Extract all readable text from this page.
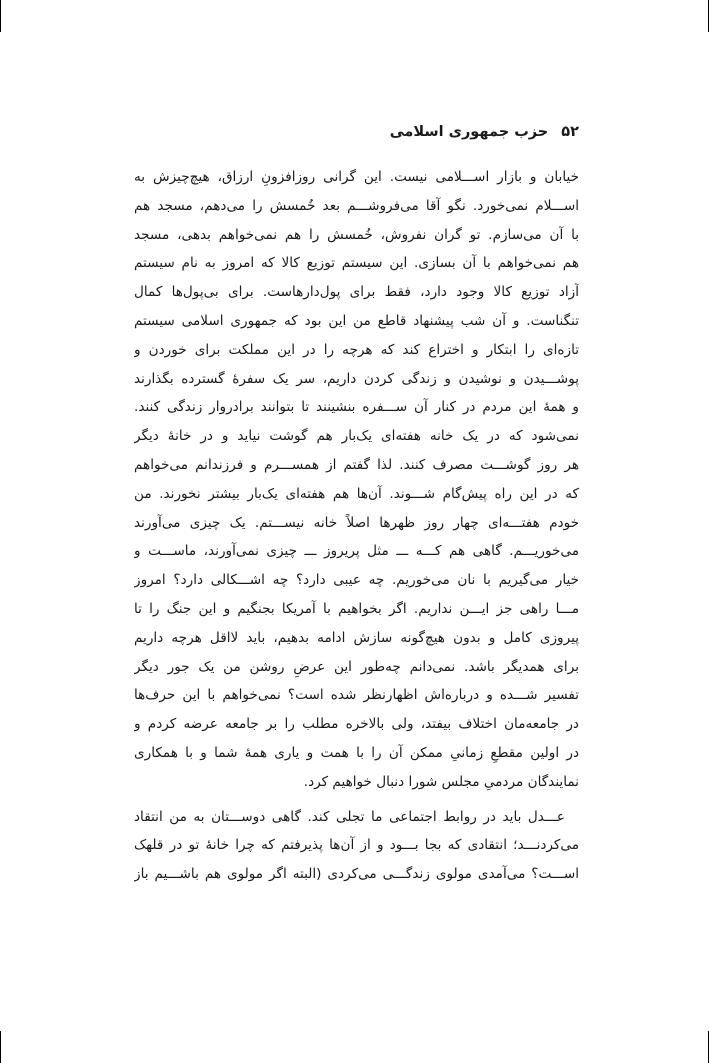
۵۲ حزب جمهوری اسلامی
خیابان و بازار اســـلامی نیست. این گرانی روزافزونِ ارزاق، هیچ‌چیزش به
اســـلام نمی‌خورد. نگو آقا می‌فروشـــم بعد خُمسش را می‌دهم، مسجد هم
با آن می‌سازم. تو گران نفروش، خُمسش را هم نمی‌خواهم بدهی، مسجد
هم نمی‌خواهم با آن بسازی. این سیستم توزیع کالا که امروز به نام سیستم
آزاد توزیع کالا وجود دارد، فقط برای پول‌دارهاست. برای بی‌پول‌ها کمال
تنگناست. و آن شب پیشنهاد قاطع من این بود که جمهوری اسلامی سیستم
تازه‌ای را ابتکار و اختراع کند که هرچه را در این مملکت برای خوردن و
پوشـــیدن و نوشیدن و زندگی کردن داریم، سر یک سفرهٔ گسترده بگذارند
و همهٔ این مردم در کنار آن ســـفره بنشینند تا بتوانند برادروار زندگی کنند.
نمی‌شود که در یک خانه هفته‌ای یک‌بار هم گوشت نیاید و در خانهٔ دیگر
هر روز گوشـــت مصرف کنند. لذا گفتم از همســـرم و فرزندانم می‌خواهم
که در این راه پیش‌گام شـــوند. آن‌ها هم هفته‌ای یک‌بار بیشتر نخورند. من
خودم هفتـــه‌ای چهار روز ظهرها اصلاً خانه نیســـتم. یک چیزی می‌آورند
می‌خوریـــم. گاهی هم کـــه ـــ مثل پریروز ـــ چیزی نمی‌آورند، ماســـت و
خیار می‌گیریم با نان می‌خوریم. چه عیبی دارد؟ چه اشـــکالی دارد؟ امروز
مـــا راهی جز ایـــن نداریم. اگر بخواهیم با آمریکا بجنگیم و این جنگ را تا
پیروزی کامل و بدون هیچ‌گونه سازش ادامه بدهیم، باید لااقل هرچه داریم
برای همدیگر باشد. نمی‌دانم چه‌طور این عرضِ روشن من یک جور دیگر
تفسیر شـــده و درباره‌اش اظهارنظر شده است؟ نمی‌خواهم با این حرف‌ها
در جامعه‌مان اختلاف بیفتد، ولی بالاخره مطلب را بر جامعه عرضه کردم و
در اولین مقطعِ زمانیِ ممکن آن را با همت و یاری همهٔ شما و با همکاری
نمایندگان مردمیِ مجلس شورا دنبال خواهیم کرد.
عـــدل باید در روابط اجتماعی ما تجلی کند. گاهی دوســـتان به من انتقاد
می‌کردنـــد؛ انتقادی که بجا بـــود و از آن‌ها پذیرفتم که چرا خانهٔ تو در قلهک
اســـت؟ می‌آمدی مولوی زندگـــی می‌کردی (البته اگر مولوی هم باشـــیم باز
